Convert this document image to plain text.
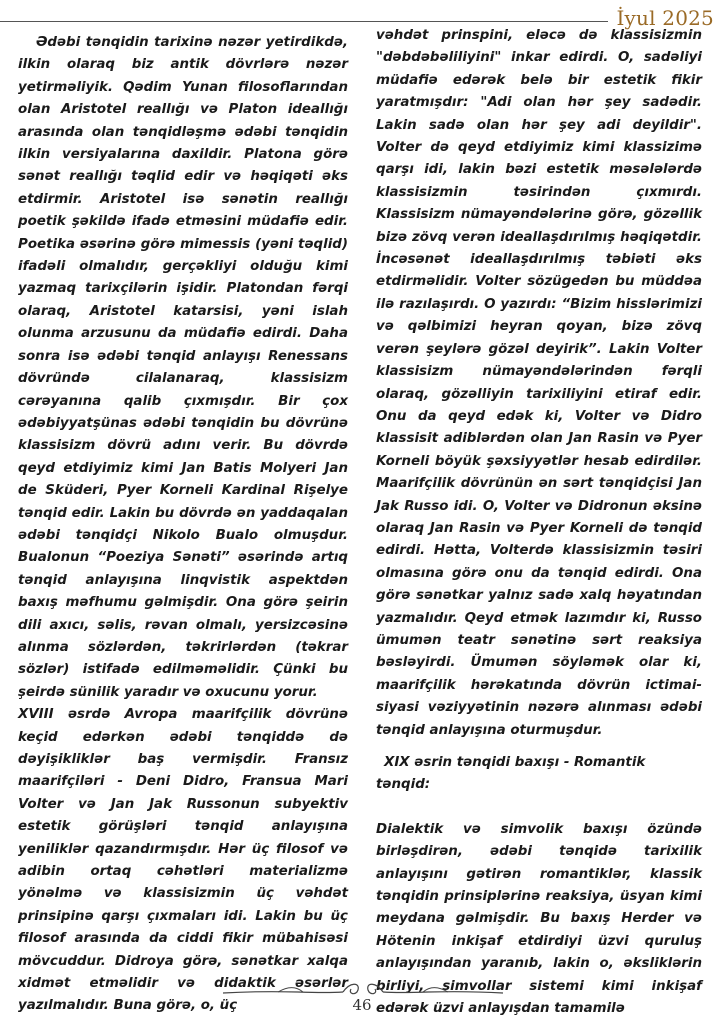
İyul 2025

Ədəbi tənqidin tarixinə nəzər yetirdikdə, ilkin olaraq biz antik dövrlərə nəzər yetirməliyik. Qədim Yunan filosoflarından olan Aristotel reallığı və Platon ideallığı arasında olan tənqidləşmə ədəbi tənqidin ilkin versiyalarına daxildir. Platona görə sənət reallığı təqlid edir və həqiqəti əks etdirmir. Aristotel isə sənətin reallığı poetik şəkildə ifadə etməsini müdafiə edir. Poetika əsərinə görə mimessis (yəni təqlid) ifadəli olmalıdır, gerçəkliyi olduğu kimi yazmaq tarixçilərin işidir. Platondan fərqi olaraq, Aristotel katarsisi, yəni islah olunma arzusunu da müdafiə edirdi. Daha sonra isə ədəbi tənqid anlayışı Renessans dövründə cilalanaraq, klassisizm cərəyanına qalib çıxmışdır. Bir çox ədəbiyyatşünas ədəbi tənqidin bu dövrünə klassisizm dövrü adını verir. Bu dövrdə qeyd etdiyimiz kimi Jan Batis Molyeri Jan de Sküderi, Pyer Korneli Kardinal Rişelye tənqid edir. Lakin bu dövrdə ən yaddaqalan ədəbi tənqidçi Nikolo Bualo olmuşdur. Bualonun “Poeziya Sənəti” əsərində artıq tənqid anlayışına linqvistik aspektdən baxış məfhumu gəlmişdir. Ona görə şeirin dili axıcı, səlis, rəvan olmalı, yersizcəsinə alınma sözlərdən, təkrirlərdən (təkrar sözlər) istifadə edilməməlidir. Çünki bu şeirdə sünilik yaradır və oxucunu yorur.

XVIII əsrdə Avropa maarifçilik dövrünə keçid edərkən ədəbi tənqiddə də dəyişikliklər baş vermişdir. Fransız maarifçiləri - Deni Didro, Fransua Mari Volter və Jan Jak Russonun subyektiv estetik görüşləri tənqid anlayışına yeniliklər qazandırmışdır. Hər üç filosof və adibin ortaq cəhətləri materializmə yönəlmə və klassisizmin üç vəhdət prinsipinə qarşı çıxmaları idi. Lakin bu üç filosof arasında da ciddi fikir mübahisəsi mövcuddur. Didroya görə, sənətkar xalqa xidmət etməlidir və didaktik əsərlər yazılmalıdır. Buna görə, o, üç

vəhdət prinspini, eləcə də klassisizmin "dəbdəbəliliyini" inkar edirdi. O, sadəliyi müdafiə edərək belə bir estetik fikir yaratmışdır: "Adi olan hər şey sadədir. Lakin sadə olan hər şey adi deyildir". Volter də qeyd etdiyimiz kimi klassizimə qarşı idi, lakin bəzi estetik məsələlərdə klassisizmin təsirindən çıxmırdı. Klassisizm nümayəndələrinə görə, gözəllik bizə zövq verən ideallaşdırılmış həqiqətdir. İncəsənət ideallaşdırılmış təbiəti əks etdirməlidir. Volter sözügedən bu müddəa ilə razılaşırdı. O yazırdı: “Bizim hisslərimizi və qəlbimizi heyran qoyan, bizə zövq verən şeylərə gözəl deyirik”. Lakin Volter klassisizm nümayəndələrindən fərqli olaraq, gözəlliyin tarixiliyini etiraf edir. Onu da qeyd edək ki, Volter və Didro klassisit adiblərdən olan Jan Rasin və Pyer Korneli böyük şəxsiyyətlər hesab edirdilər. Maarifçilik dövrünün ən sərt tənqidçisi Jan Jak Russo idi. O, Volter və Didronun əksinə olaraq Jan Rasin və Pyer Korneli də tənqid edirdi. Hətta, Volterdə klassisizmin təsiri olmasına görə onu da tənqid edirdi. Ona görə sənətkar yalnız sadə xalq həyatından yazmalıdır. Qeyd etmək lazımdır ki, Russo ümumən teatr sənətinə sərt reaksiya bəsləyirdi. Ümumən söyləmək olar ki, maarifçilik hərəkatında dövrün ictimai-siyasi vəziyyətinin nəzərə alınması ədəbi tənqid anlayışına oturmuşdur.

XIX əsrin tənqidi baxışı - Romantik tənqid:

Dialektik və simvolik baxışı özündə birləşdirən, ədəbi tənqidə tarixilik anlayışını gətirən romantiklər, klassik tənqidin prinsiplərinə reaksiya, üsyan kimi meydana gəlmişdir. Bu baxış Herder və Hötenin inkişaf etdirdiyi üzvi quruluş anlayışından yaranıb, lakin o, əksliklərin birliyi, simvollar sistemi kimi inkişaf edərək üzvi anlayışdan tamamilə

46
